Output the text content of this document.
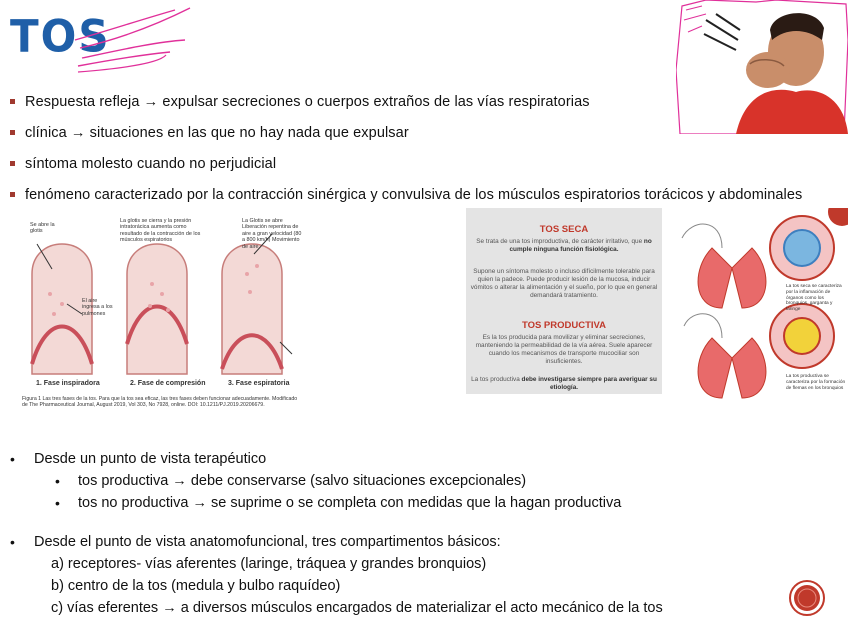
TOS
Respuesta refleja → expulsar secreciones o cuerpos extraños de las vías respiratorias
clínica → situaciones en las que no hay nada que expulsar
síntoma molesto cuando no perjudicial
fenómeno caracterizado por la contracción sinérgica y convulsiva de los músculos espiratorios torácicos y abdominales
Se abre la glotis
La glotis se cierra y la presión intratorácica aumenta como resultado de la contracción de los músculos espiratorios
La Glotis se abre Liberación repentina de aire a gran velocidad (80 a 800 km/h) Movimiento de aire
El aire ingresa a los pulmones
1. Fase inspiradora	2. Fase de compresión	3. Fase espiratoria
Figura 1 Las tres fases de la tos. Para que la tos sea eficaz, las tres fases deben funcionar adecuadamente. Modificado de The Pharmaceutical Journal, August 2019, Vol 303, No 7928, online. DOI: 10.1211/PJ.2019.20206679.
TOS SECA
Se trata de una tos improductiva, de carácter irritativo, que no cumple ninguna función fisiológica.
Supone un síntoma molesto o incluso difícilmente tolerable para quien la padece. Puede producir lesión de la mucosa, inducir vómitos o alterar la alimentación y el sueño, por lo que en general demandará tratamiento.
TOS PRODUCTIVA
Es la tos producida para movilizar y eliminar secreciones, manteniendo la permeabilidad de la vía aérea. Suele aparecer cuando los mecanismos de transporte mucociliar son insuficientes.
La tos productiva debe investigarse siempre para averiguar su etiología.
La tos seca se caracteriza por la inflamación de órganos como los bronquios, garganta y laringe
La tos productiva se caracteriza por la formación de flemas en los bronquios
•	Desde un punto de vista terapéutico
•	tos productiva → debe conservarse (salvo situaciones excepcionales)
•	tos no productiva → se suprime o se completa con medidas que la hagan productiva
•	Desde el punto de vista anatomofuncional, tres compartimentos básicos:
a) receptores- vías aferentes (laringe, tráquea y grandes bronquios)
b) centro de la tos (medula y bulbo raquídeo)
c) vías eferentes → a diversos músculos encargados de materializar el acto mecánico de la tos
